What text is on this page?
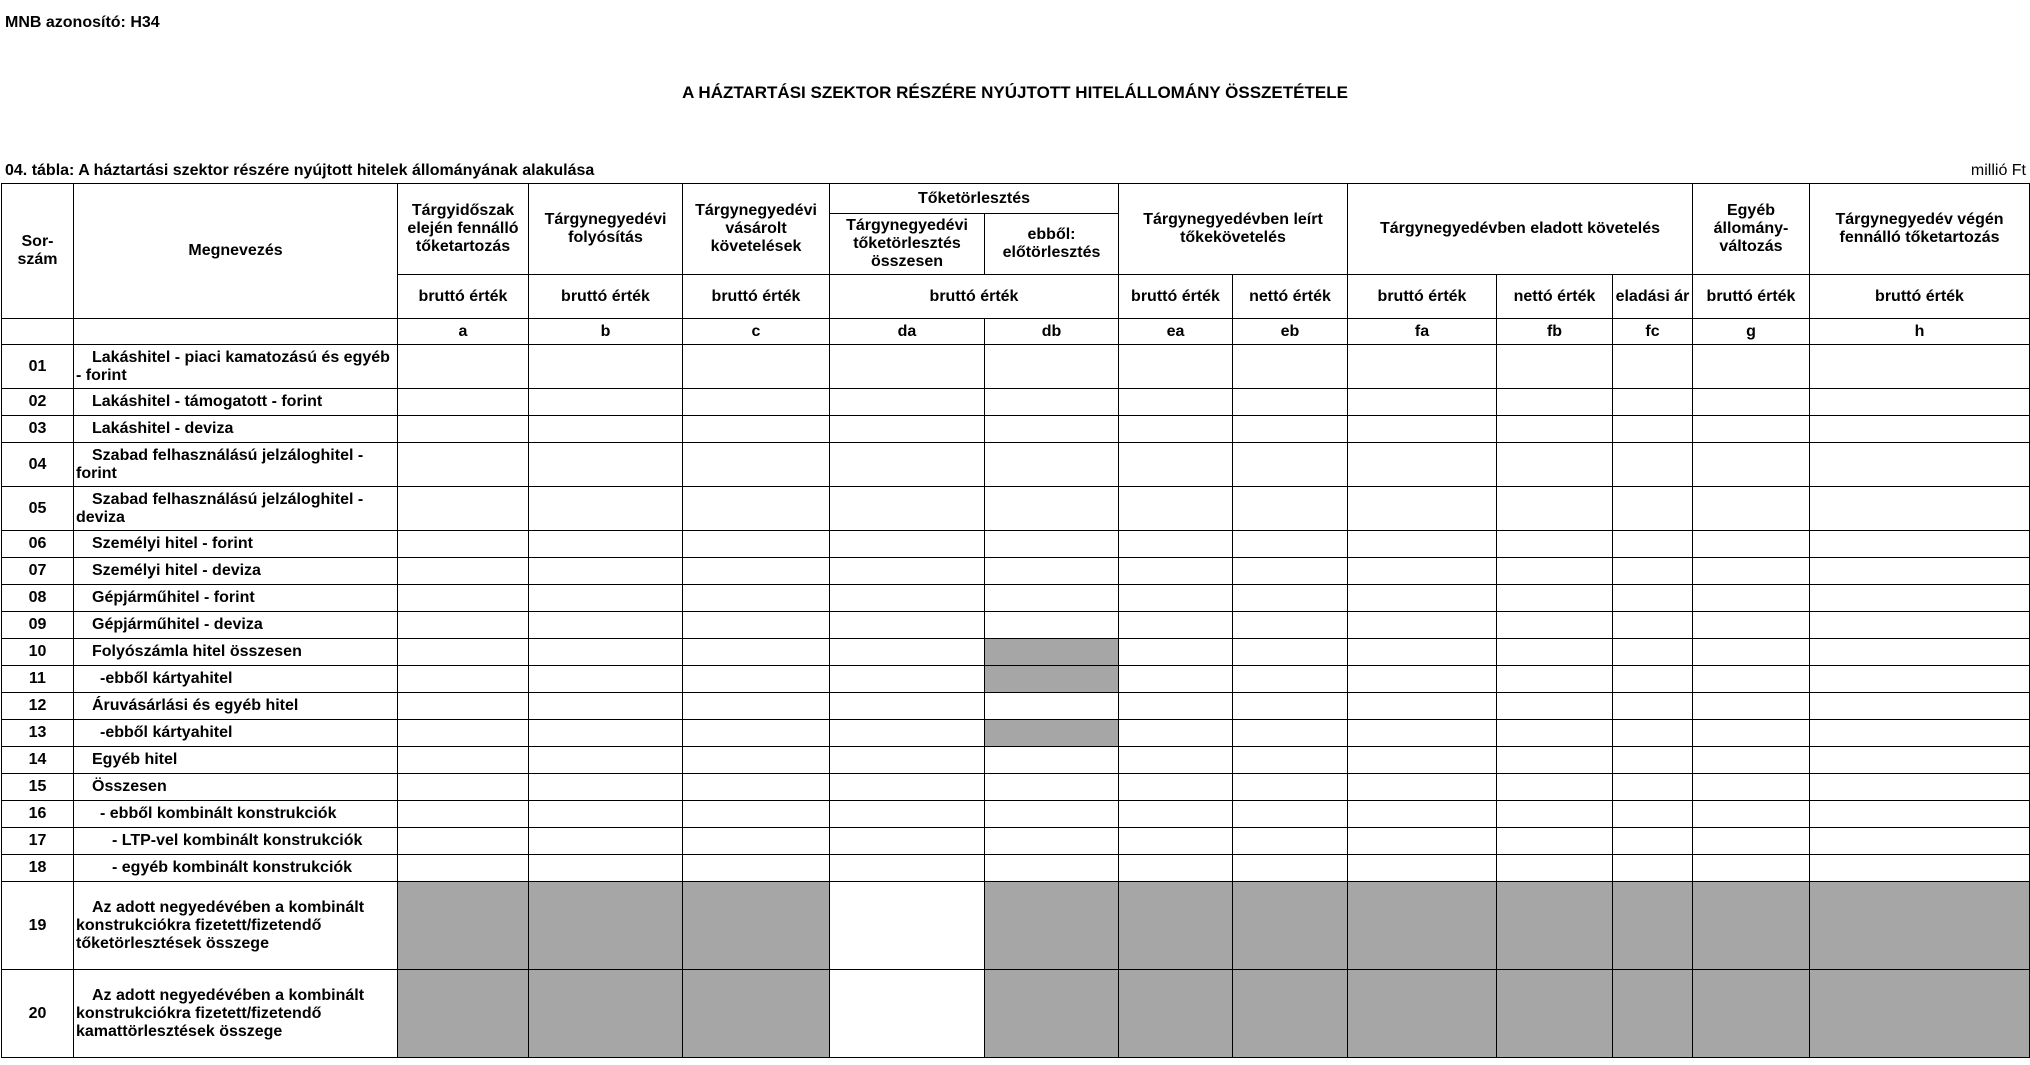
MNB azonosító: H34
A HÁZTARTÁSI SZEKTOR RÉSZÉRE NYÚJTOTT HITELÁLLOMÁNY ÖSSZETÉTELE
04. tábla: A háztartási szektor részére nyújtott hitelek állományának alakulása	millió Ft
Sor-szám	Megnevezés	Tárgyidőszak elején fennálló tőketartozás	Tárgynegyedévi folyósítás	Tárgynegyedévi vásárolt követelések	Tőketörlesztés		Tárgynegyedévben leírt tőkekövetelés		Tárgynegyedévben eladott követelés			Egyéb állomány-változás	Tárgynegyedév végén fennálló tőketartozás
					Tárgynegyedévi tőketörlesztés összesen	ebből: előtörlesztés							
		bruttó érték	bruttó érték	bruttó érték	bruttó érték		bruttó érték	nettó érték	bruttó érték	nettó érték	eladási ár	bruttó érték	bruttó érték
		a	b	c	da	db	ea	eb	fa	fb	fc	g	h
01	Lakáshitel - piaci kamatozású és egyéb - forint												

02	Lakáshitel - támogatott - forint												

03	Lakáshitel - deviza												

04	Szabad felhasználású jelzáloghitel - forint												

05	Szabad felhasználású jelzáloghitel - deviza												

06	Személyi hitel - forint												

07	Személyi hitel - deviza												

08	Gépjárműhitel - forint												

09	Gépjárműhitel - deviza												

10	Folyószámla hitel összesen												

11	-ebből kártyahitel												

12	Áruvásárlási és egyéb hitel												

13	-ebből kártyahitel												

14	Egyéb hitel												

15	Összesen												

16	- ebből kombinált konstrukciók												

17	- LTP-vel kombinált konstrukciók												

18	- egyéb kombinált konstrukciók												

19	Az adott negyedévében a kombinált konstrukciókra fizetett/fizetendő tőketörlesztések összege												

20	Az adott negyedévében a kombinált konstrukciókra fizetett/fizetendő kamattörlesztések összege												
